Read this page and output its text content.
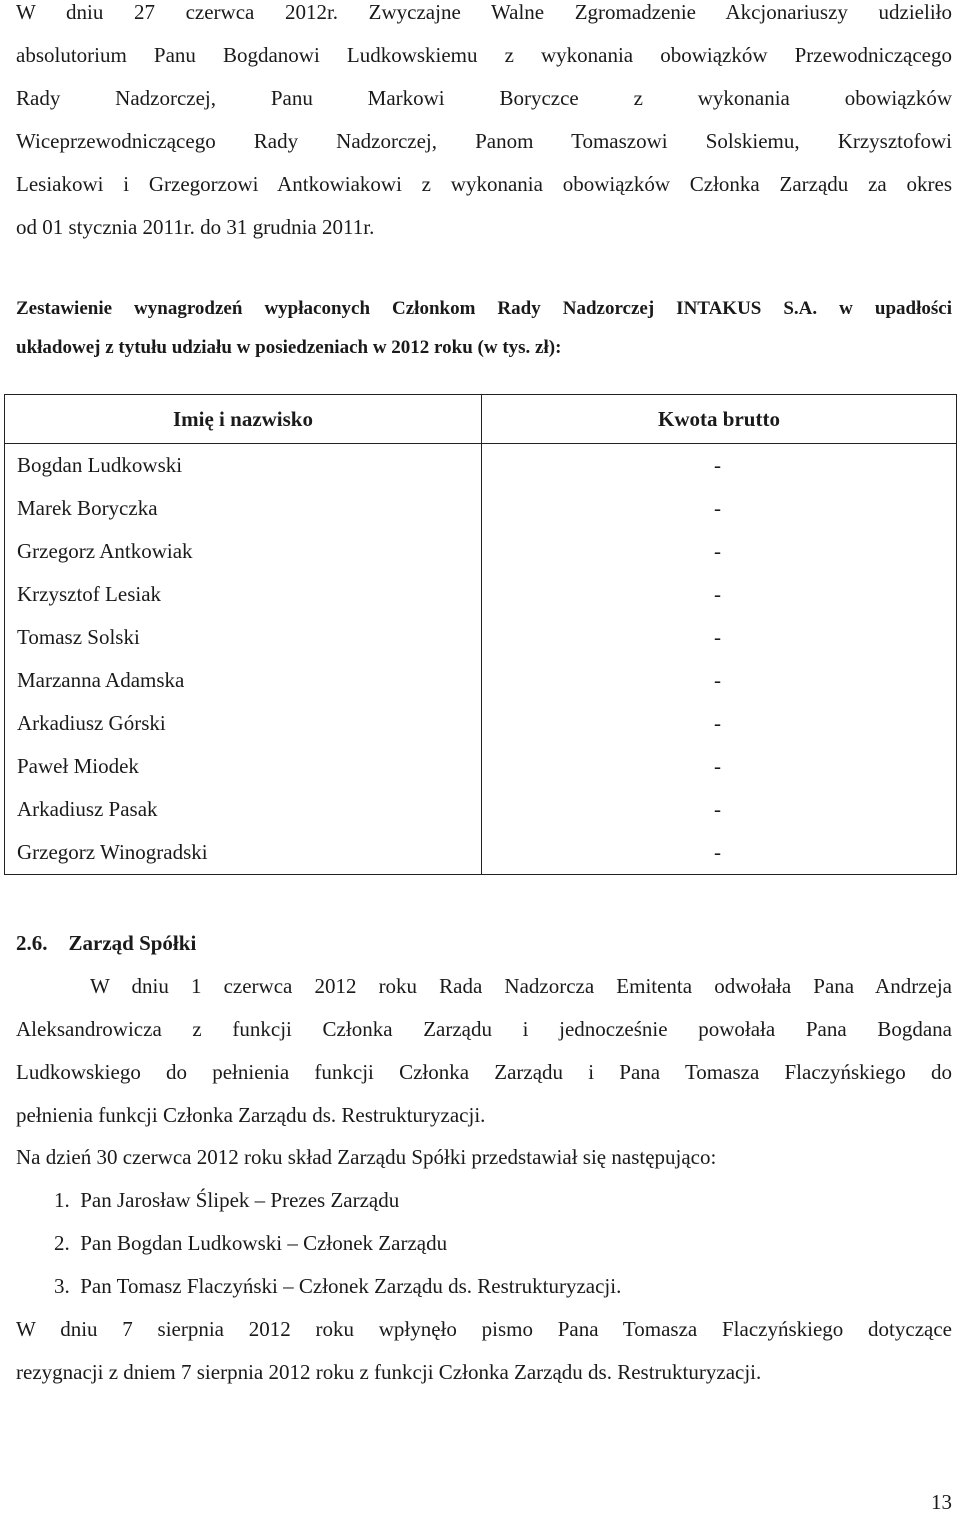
W dniu 27 czerwca 2012r. Zwyczajne Walne Zgromadzenie Akcjonariuszy udzieliło
absolutorium Panu Bogdanowi Ludkowskiemu z wykonania obowiązków Przewodniczącego
Rady Nadzorczej, Panu Markowi Boryczce z wykonania obowiązków
Wiceprzewodniczącego Rady Nadzorczej, Panom Tomaszowi Solskiemu, Krzysztofowi
Lesiakowi i Grzegorzowi Antkowiakowi z wykonania obowiązków Członka Zarządu za okres
od 01 stycznia 2011r. do 31 grudnia 2011r.
Zestawienie wynagrodzeń wypłaconych Członkom Rady Nadzorczej INTAKUS S.A. w upadłości
układowej z tytułu udziału w posiedzeniach w 2012 roku (w tys. zł):
Imię i nazwisko	Kwota brutto
Bogdan Ludkowski	-
Marek Boryczka	-
Grzegorz Antkowiak	-
Krzysztof Lesiak	-
Tomasz Solski	-
Marzanna Adamska	-
Arkadiusz Górski	-
Paweł Miodek	-
Arkadiusz Pasak	-
Grzegorz Winogradski	-
2.6. Zarząd Spółki
W dniu 1 czerwca 2012 roku Rada Nadzorcza Emitenta odwołała Pana Andrzeja
Aleksandrowicza z funkcji Członka Zarządu i jednocześnie powołała Pana Bogdana
Ludkowskiego do pełnienia funkcji Członka Zarządu i Pana Tomasza Flaczyńskiego do
pełnienia funkcji Członka Zarządu ds. Restrukturyzacji.
Na dzień 30 czerwca 2012 roku skład Zarządu Spółki przedstawiał się następująco:
1. Pan Jarosław Ślipek – Prezes Zarządu
2. Pan Bogdan Ludkowski – Członek Zarządu
3. Pan Tomasz Flaczyński – Członek Zarządu ds. Restrukturyzacji.
W dniu 7 sierpnia 2012 roku wpłynęło pismo Pana Tomasza Flaczyńskiego dotyczące
rezygnacji z dniem 7 sierpnia 2012 roku z funkcji Członka Zarządu ds. Restrukturyzacji.
13
